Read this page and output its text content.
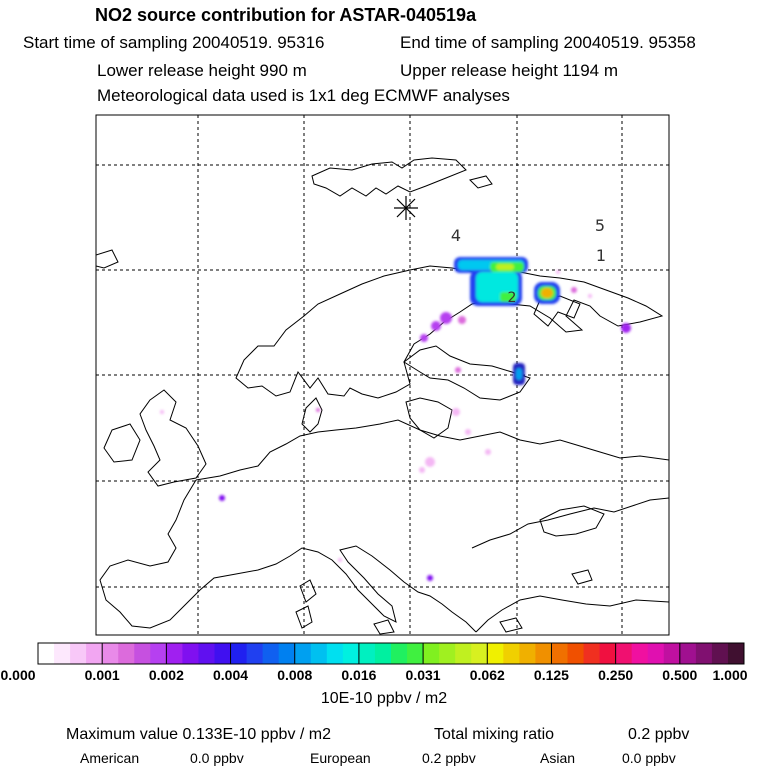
NO2 source contribution for ASTAR-040519a
Start time of sampling 20040519. 95316	End time of sampling 20040519. 95358
Lower release height 990 m	Upper release height 1194 m
Meteorological data used is 1x1 deg ECMWF analyses
4
5
1
2
0.000	0.001 0.002 0.004 0.008 0.016 0.031 0.062 0.125 0.250 0.500 1.000
10E-10 ppbv / m2
Maximum value 0.133E-10 ppbv / m2	Total mixing ratio	0.2 ppbv
American	0.0 ppbv	European	0.2 ppbv	Asian	0.0 ppbv
